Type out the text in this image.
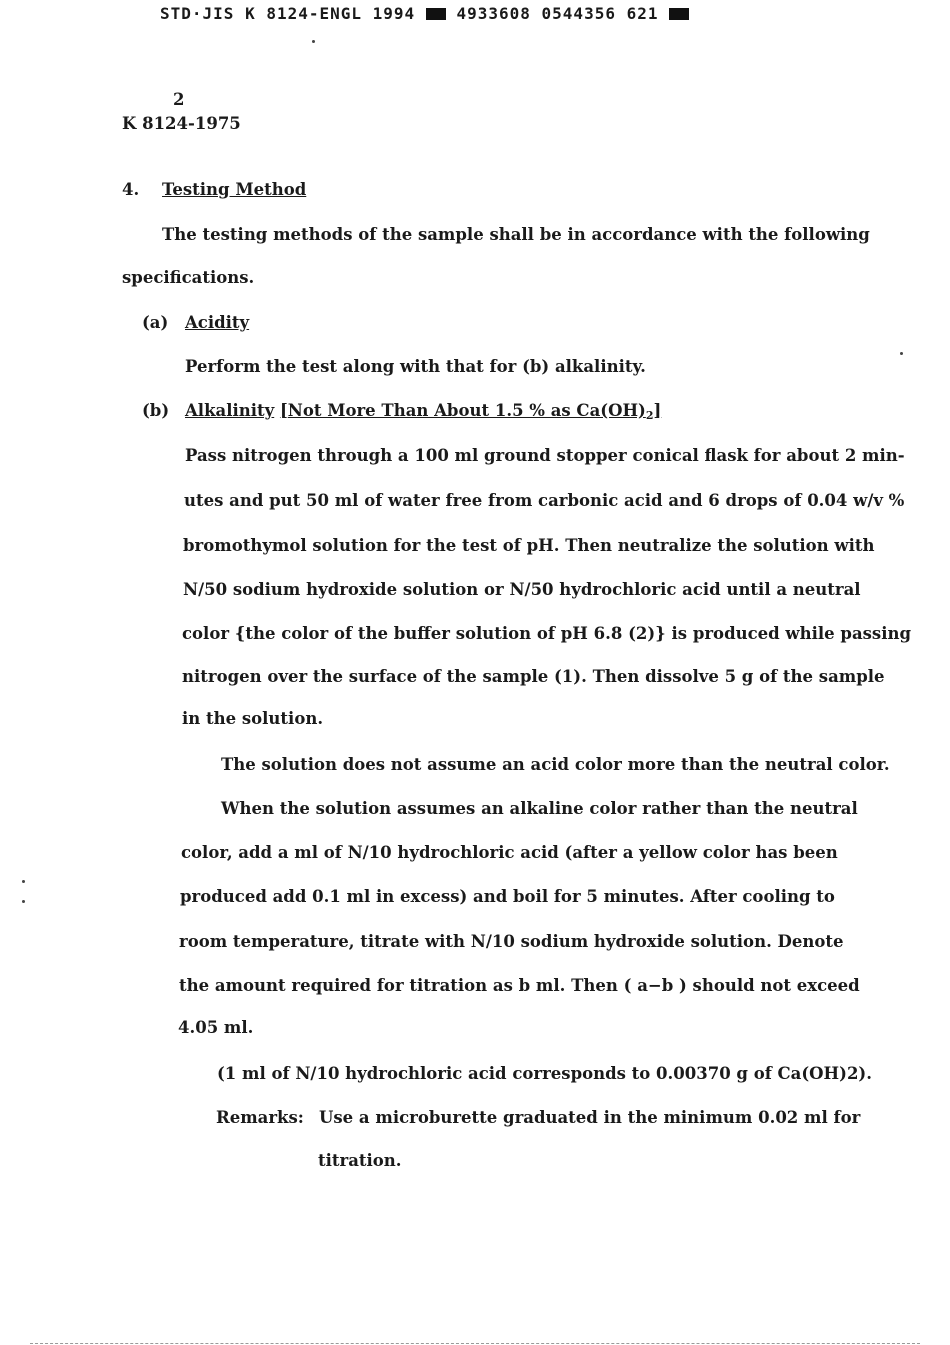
STD·JIS K 8124-ENGL 1994	4933608 0544356 621
2
K 8124-1975
4. Testing Method
The testing methods of the sample shall be in accordance with the following
specifications.
(a) Acidity
Perform the test along with that for (b) alkalinity.
(b) Alkalinity [Not More Than About 1.5 % as $Ca(OH)_2$]
Pass nitrogen through a 100 ml ground stopper conical flask for about 2 min-
utes and put 50 ml of water free from carbonic acid and 6 drops of 0.04 w/v %
bromothymol solution for the test of pH. Then neutralize the solution with
N/50 sodium hydroxide solution or N/50 hydrochloric acid until a neutral
color {the color of the buffer solution of pH 6.8 (2)} is produced while passing
nitrogen over the surface of the sample (1). Then dissolve 5 g of the sample
in the solution.
The solution does not assume an acid color more than the neutral color.
When the solution assumes an alkaline color rather than the neutral
color, add a ml of N/10 hydrochloric acid (after a yellow color has been
produced add 0.1 ml in excess) and boil for 5 minutes. After cooling to
room temperature, titrate with N/10 sodium hydroxide solution. Denote
the amount required for titration as b ml. Then ( a−b ) should not exceed
4.05 ml.
(1 ml of N/10 hydrochloric acid corresponds to 0.00370 g of Ca(OH)2).
Remarks: Use a microburette graduated in the minimum 0.02 ml for
titration.
